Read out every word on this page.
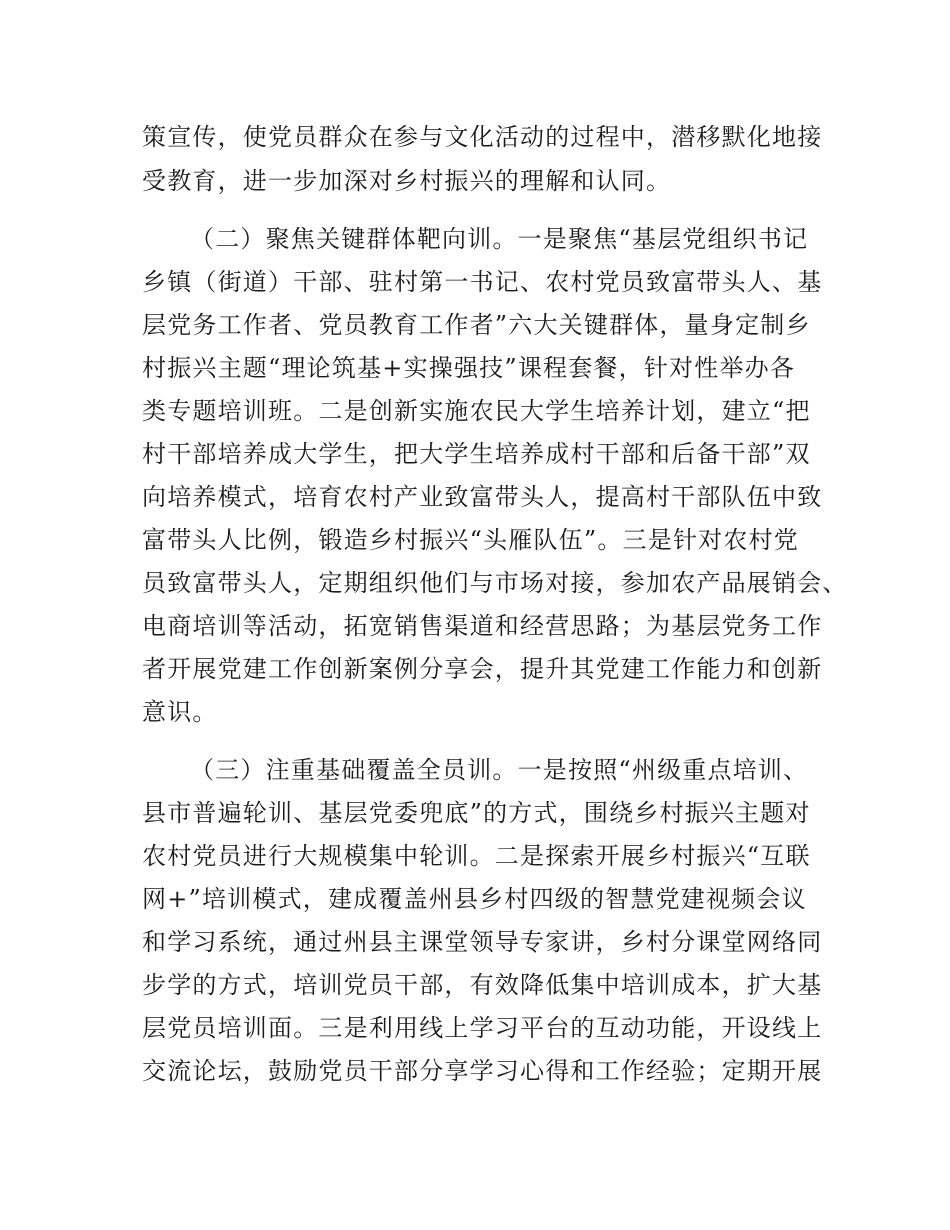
策宣传，使党员群众在参与文化活动的过程中，潜移默化地接
受教育，进一步加深对乡村振兴的理解和认同。
（二）聚焦关键群体靶向训。一是聚焦“基层党组织书记
乡镇（街道）干部、驻村第一书记、农村党员致富带头人、基
层党务工作者、党员教育工作者”六大关键群体，量身定制乡
村振兴主题“理论筑基+实操强技”课程套餐，针对性举办各
类专题培训班。二是创新实施农民大学生培养计划，建立“把
村干部培养成大学生，把大学生培养成村干部和后备干部”双
向培养模式，培育农村产业致富带头人，提高村干部队伍中致
富带头人比例，锻造乡村振兴“头雁队伍”。三是针对农村党
员致富带头人，定期组织他们与市场对接，参加农产品展销会、
电商培训等活动，拓宽销售渠道和经营思路；为基层党务工作
者开展党建工作创新案例分享会，提升其党建工作能力和创新
意识。
（三）注重基础覆盖全员训。一是按照“州级重点培训、
县市普遍轮训、基层党委兜底”的方式，围绕乡村振兴主题对
农村党员进行大规模集中轮训。二是探索开展乡村振兴“互联
网+”培训模式，建成覆盖州县乡村四级的智慧党建视频会议
和学习系统，通过州县主课堂领导专家讲，乡村分课堂网络同
步学的方式，培训党员干部，有效降低集中培训成本，扩大基
层党员培训面。三是利用线上学习平台的互动功能，开设线上
交流论坛，鼓励党员干部分享学习心得和工作经验；定期开展
